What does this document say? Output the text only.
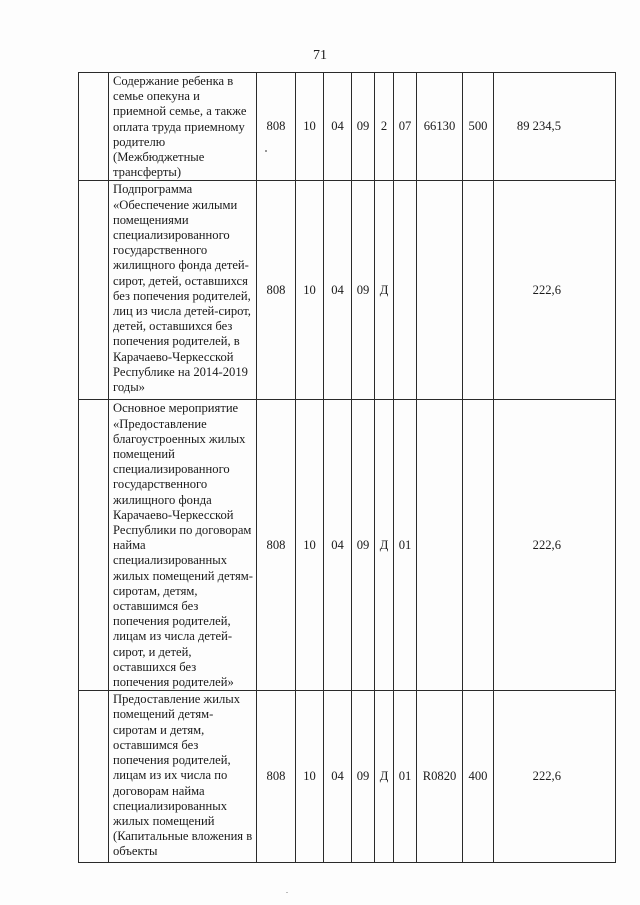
71
	Содержание ребенка в семье опекуна и приемной семье, а также оплата труда приемному родителю (Межбюджетные трансферты)	808	10	04	09	2	07	66130	500	89 234,5
	Подпрограмма «Обеспечение жилыми помещениями специализированного государственного жилищного фонда детей-сирот, детей, оставшихся без попечения родителей, лиц из числа детей-сирот, детей, оставшихся без попечения родителей, в Карачаево-Черкесской Республике на 2014-2019 годы»	808	10	04	09	Д				222,6
	Основное мероприятие «Предоставление благоустроенных жилых помещений специализированного государственного жилищного фонда Карачаево-Черкесской Республики по договорам найма специализированных жилых помещений детям-сиротам, детям, оставшимся без попечения родителей, лицам из числа детей-сирот, и детей, оставшихся без попечения родителей»	808	10	04	09	Д	01			222,6
	Предоставление жилых помещений детям-сиротам и детям, оставшимся без попечения родителей, лицам из их числа по договорам найма специализированных жилых помещений (Капитальные вложения в объекты	808	10	04	09	Д	01	R0820	400	222,6
